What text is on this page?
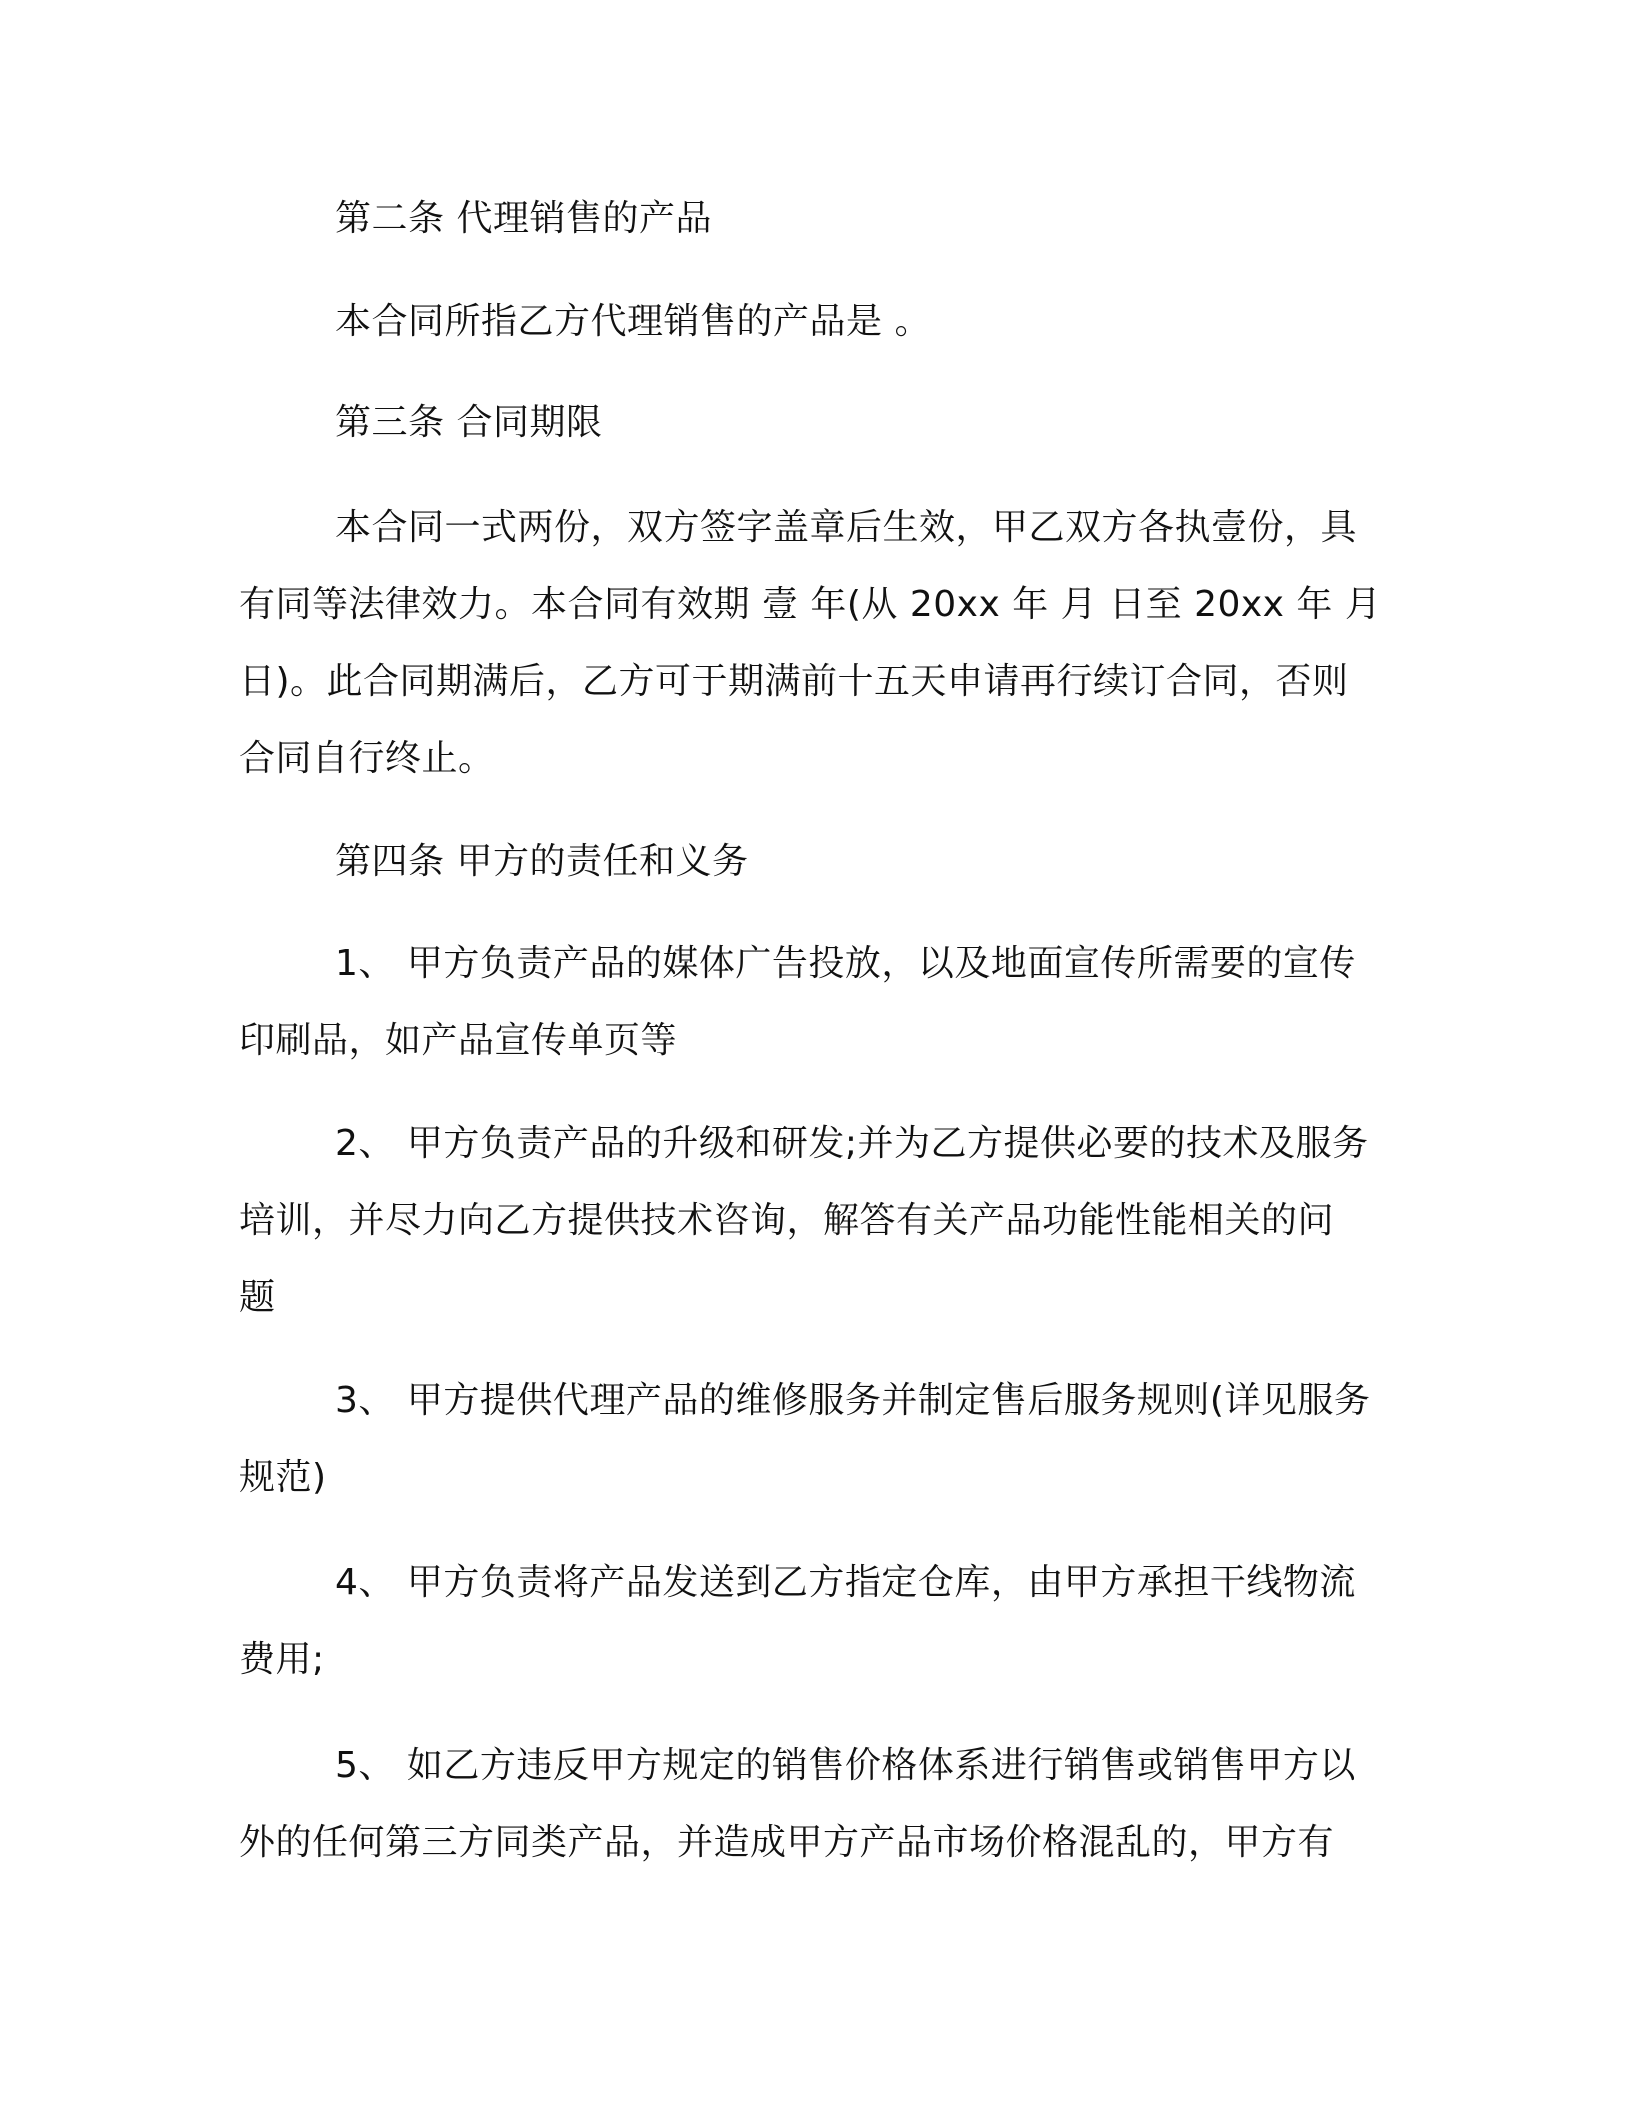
第二条 代理销售的产品
本合同所指乙方代理销售的产品是 。
第三条 合同期限
本合同一式两份，双方签字盖章后生效，甲乙双方各执壹份，具
有同等法律效力。本合同有效期 壹 年(从 20xx 年 月 日至 20xx 年 月
日)。此合同期满后，乙方可于期满前十五天申请再行续订合同，否则
合同自行终止。
第四条 甲方的责任和义务
1、 甲方负责产品的媒体广告投放，以及地面宣传所需要的宣传
印刷品，如产品宣传单页等
2、 甲方负责产品的升级和研发;并为乙方提供必要的技术及服务
培训，并尽力向乙方提供技术咨询，解答有关产品功能性能相关的问
题
3、 甲方提供代理产品的维修服务并制定售后服务规则(详见服务
规范)
4、 甲方负责将产品发送到乙方指定仓库，由甲方承担干线物流
费用;
5、 如乙方违反甲方规定的销售价格体系进行销售或销售甲方以
外的任何第三方同类产品，并造成甲方产品市场价格混乱的，甲方有
